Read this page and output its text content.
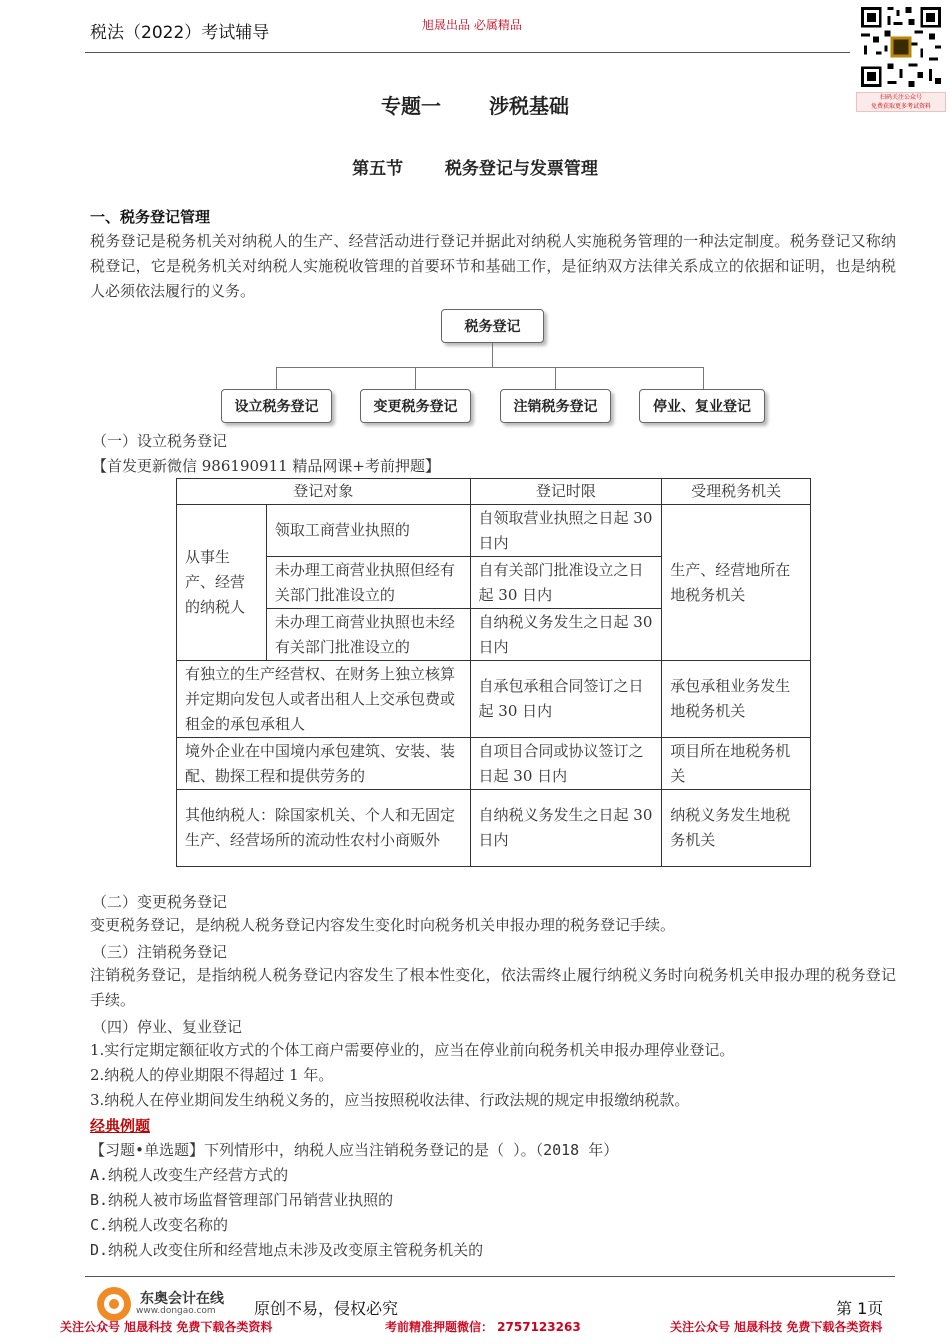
税法（2022）考试辅导	旭晟出品 必属精品
扫码关注公众号
免费获取更多考试资料
专题一 涉税基础
第五节 税务登记与发票管理
一、税务登记管理
税务登记是税务机关对纳税人的生产、经营活动进行登记并据此对纳税人实施税务管理的一种法定制度。税务登记又称纳税登记，它是税务机关对纳税人实施税收管理的首要环节和基础工作，是征纳双方法律关系成立的依据和证明，也是纳税人必须依法履行的义务。
税务登记
设立税务登记	变更税务登记	注销税务登记	停业、复业登记
（一）设立税务登记
【首发更新微信 986190911 精品网课+考前押题】
登记对象		登记时限	受理税务机关
从事生产、经营的纳税人	领取工商营业执照的	自领取营业执照之日起 30 日内	生产、经营地所在地税务机关
	未办理工商营业执照但经有关部门批准设立的	自有关部门批准设立之日起 30 日内	
	未办理工商营业执照也未经有关部门批准设立的	自纳税义务发生之日起 30 日内	
有独立的生产经营权、在财务上独立核算并定期向发包人或者出租人上交承包费或租金的承包承租人		自承包承租合同签订之日起 30 日内	承包承租业务发生地税务机关
境外企业在中国境内承包建筑、安装、装配、勘探工程和提供劳务的		自项目合同或协议签订之日起 30 日内	项目所在地税务机关
其他纳税人：除国家机关、个人和无固定生产、经营场所的流动性农村小商贩外		自纳税义务发生之日起 30 日内	纳税义务发生地税务机关
（二）变更税务登记
变更税务登记，是纳税人税务登记内容发生变化时向税务机关申报办理的税务登记手续。
（三）注销税务登记
注销税务登记，是指纳税人税务登记内容发生了根本性变化，依法需终止履行纳税义务时向税务机关申报办理的税务登记手续。
（四）停业、复业登记
1.实行定期定额征收方式的个体工商户需要停业的，应当在停业前向税务机关申报办理停业登记。
2.纳税人的停业期限不得超过 1 年。
3.纳税人在停业期间发生纳税义务的，应当按照税收法律、行政法规的规定申报缴纳税款。
经典例题
【习题•单选题】下列情形中，纳税人应当注销税务登记的是（ ）。（2018 年）
A.纳税人改变生产经营方式的
B.纳税人被市场监督管理部门吊销营业执照的
C.纳税人改变名称的
D.纳税人改变住所和经营地点未涉及改变原主管税务机关的
东奥会计在线
www.dongao.com 原创不易，侵权必究	第 1页
关注公众号 旭晟科技 免费下载各类资料	考前精准押题微信： 2757123263	关注公众号 旭晟科技 免费下载各类资料
